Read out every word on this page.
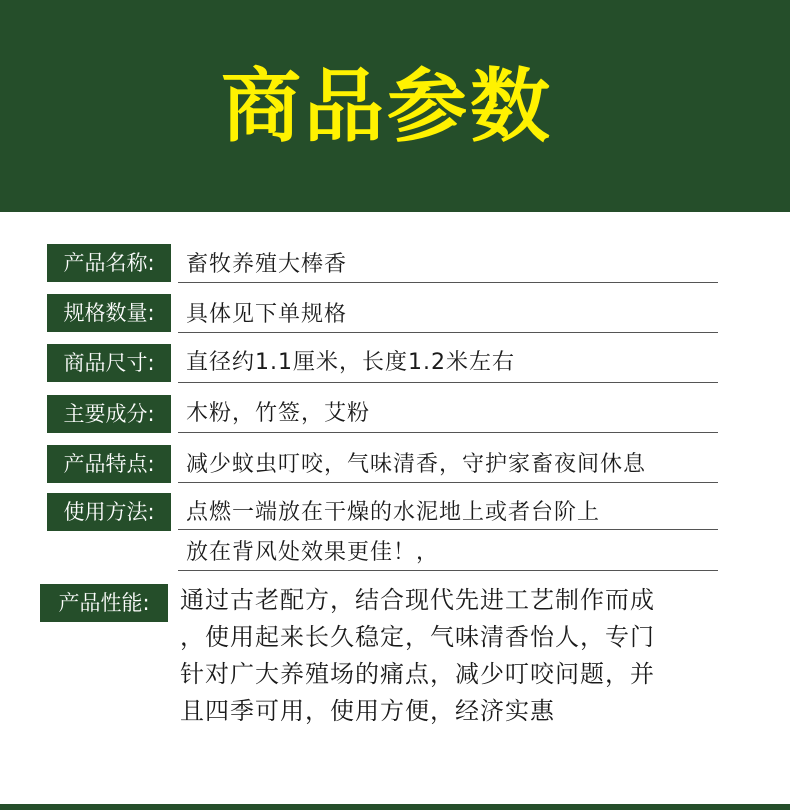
商品参数
产品名称:	畜牧养殖大棒香
规格数量:	具体见下单规格
商品尺寸:	直径约1.1厘米，长度1.2米左右
主要成分:	木粉，竹签，艾粉
产品特点:	减少蚊虫叮咬，气味清香，守护家畜夜间休息
使用方法:	点燃一端放在干燥的水泥地上或者台阶上
放在背风处效果更佳！，
产品性能:	通过古老配方，结合现代先进工艺制作而成
，使用起来长久稳定，气味清香怡人，专门
针对广大养殖场的痛点，减少叮咬问题，并
且四季可用，使用方便，经济实惠
